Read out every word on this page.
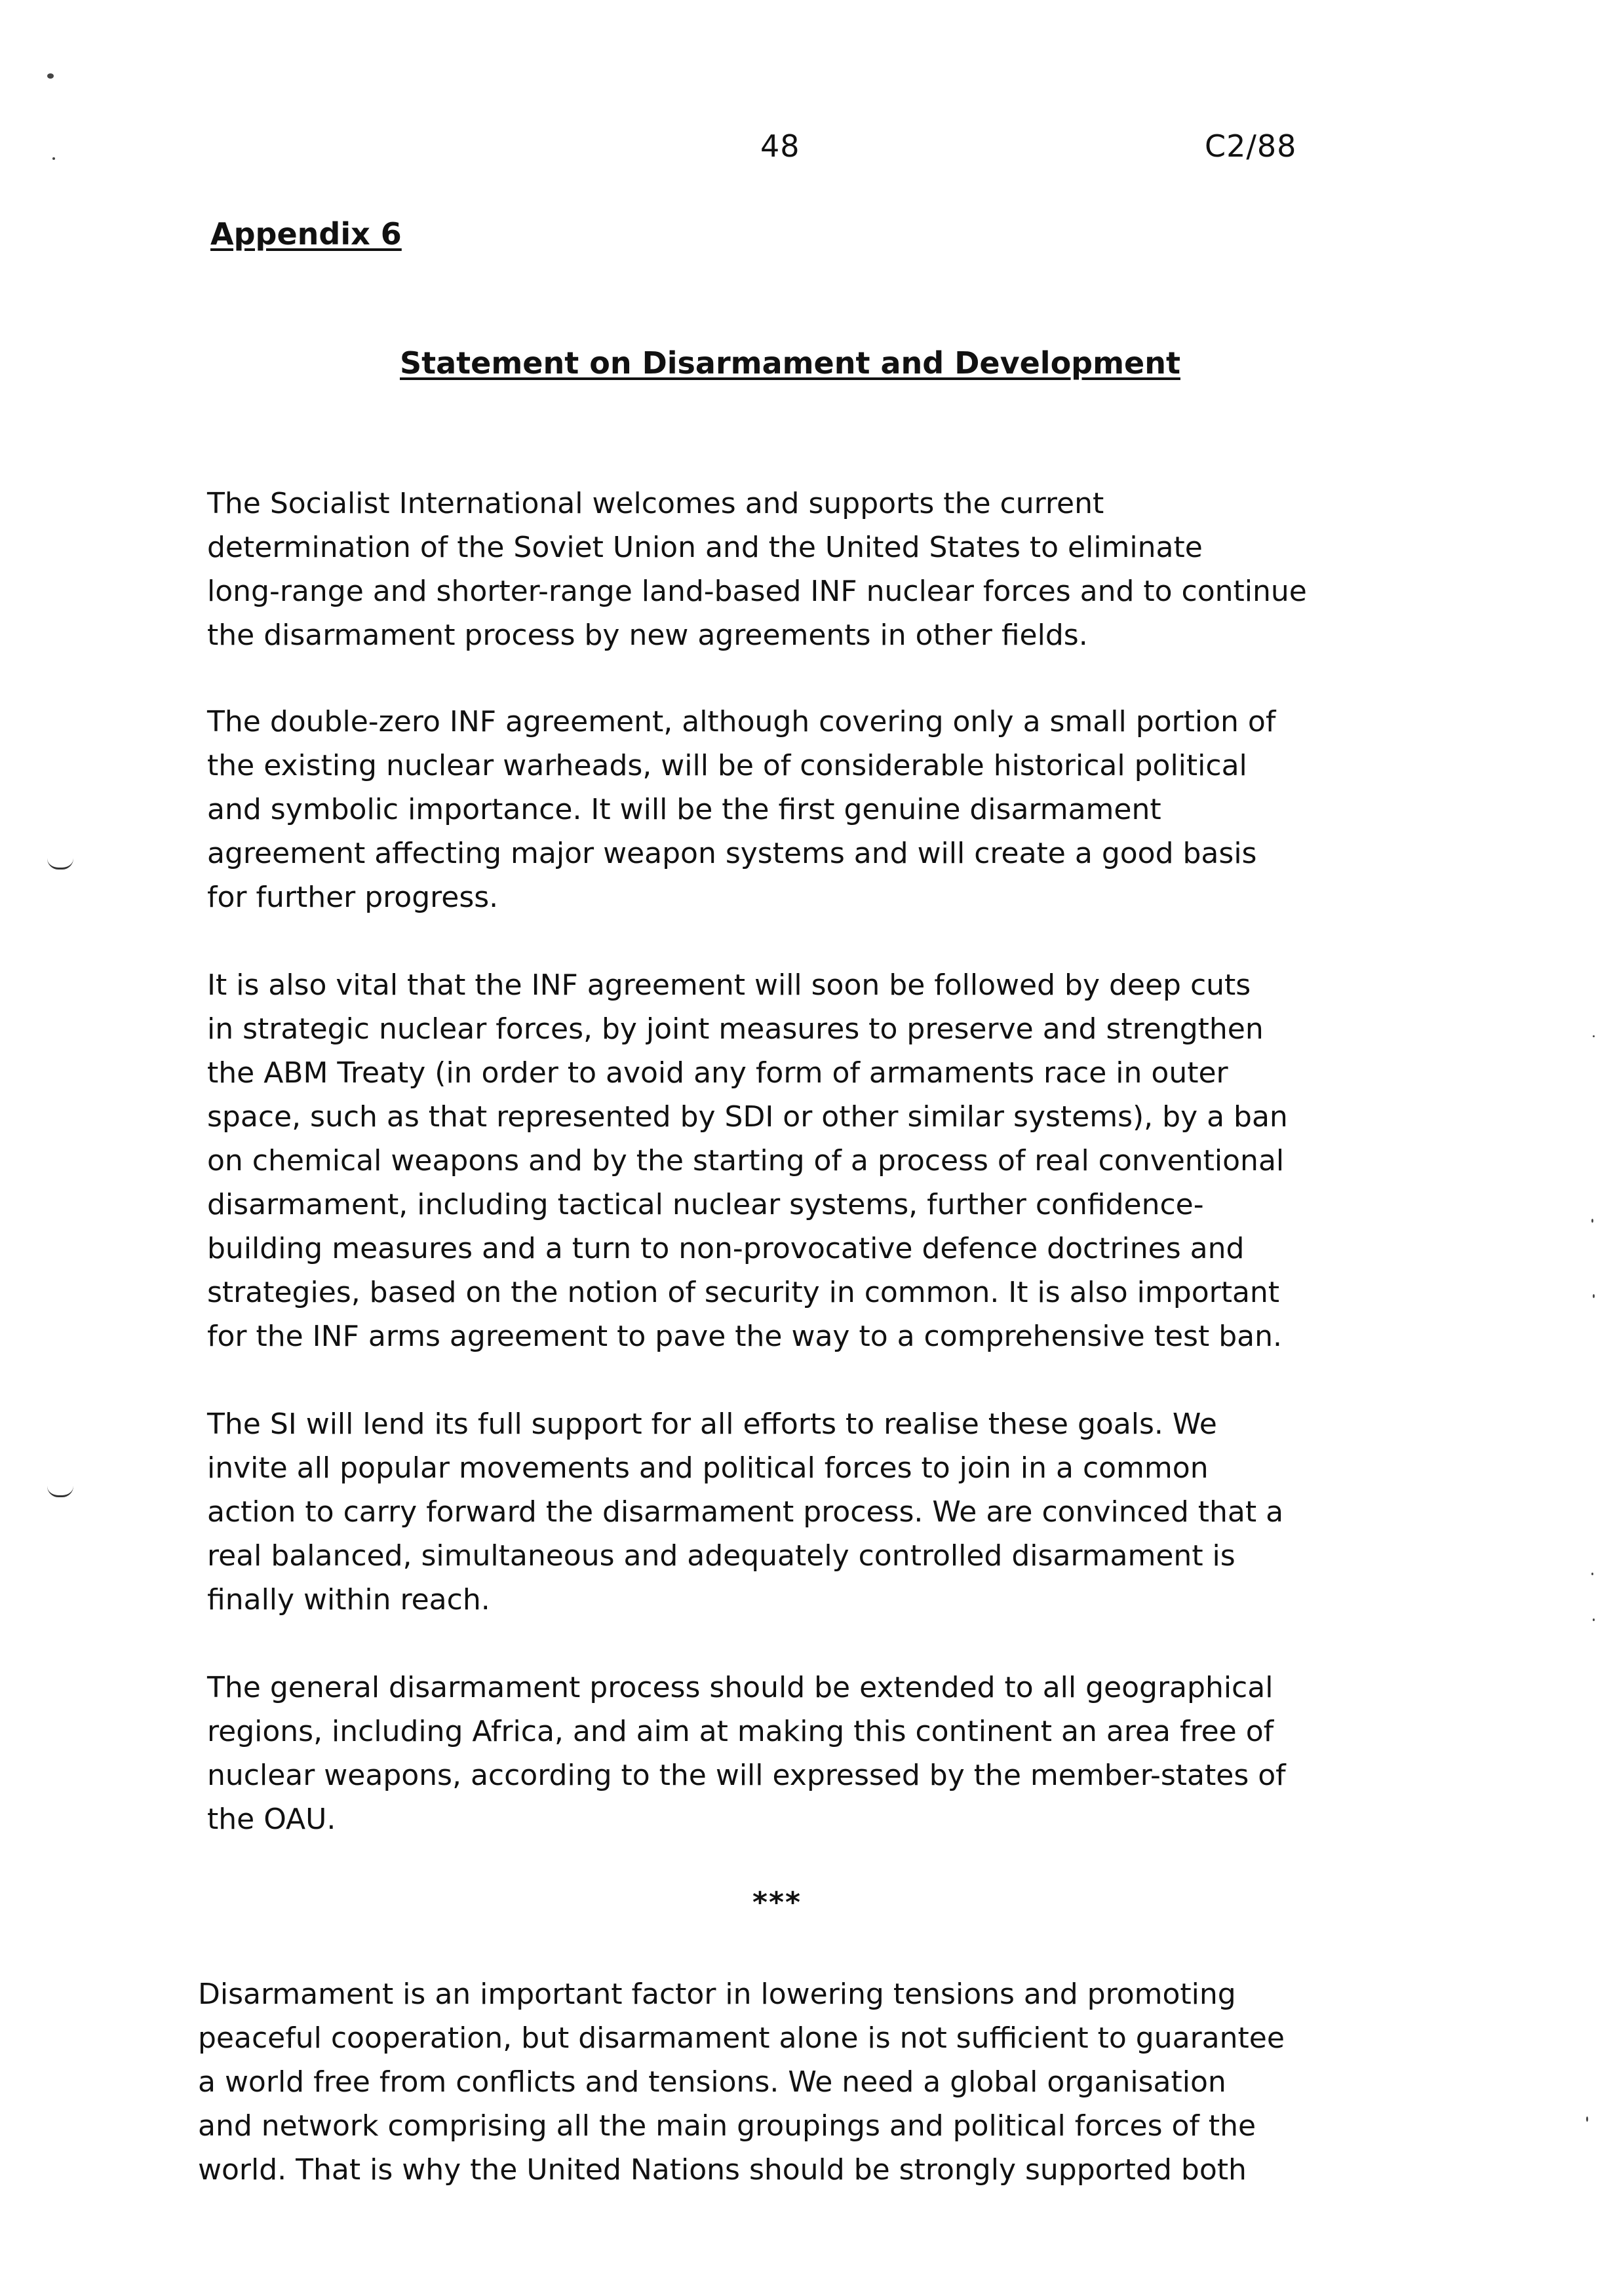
48	C2/88
Appendix 6
Statement on Disarmament and Development

The Socialist International welcomes and supports the current
determination of the Soviet Union and the United States to eliminate
long-range and shorter-range land-based INF nuclear forces and to continue
the disarmament process by new agreements in other fields.

The double-zero INF agreement, although covering only a small portion of
the existing nuclear warheads, will be of considerable historical political
and symbolic importance. It will be the first genuine disarmament
agreement affecting major weapon systems and will create a good basis
for further progress.

It is also vital that the INF agreement will soon be followed by deep cuts
in strategic nuclear forces, by joint measures to preserve and strengthen
the ABM Treaty (in order to avoid any form of armaments race in outer
space, such as that represented by SDI or other similar systems), by a ban
on chemical weapons and by the starting of a process of real conventional
disarmament, including tactical nuclear systems, further confidence-
building measures and a turn to non-provocative defence doctrines and
strategies, based on the notion of security in common. It is also important
for the INF arms agreement to pave the way to a comprehensive test ban.

The SI will lend its full support for all efforts to realise these goals. We
invite all popular movements and political forces to join in a common
action to carry forward the disarmament process. We are convinced that a
real balanced, simultaneous and adequately controlled disarmament is
finally within reach.

The general disarmament process should be extended to all geographical
regions, including Africa, and aim at making this continent an area free of
nuclear weapons, according to the will expressed by the member-states of
the OAU.

***

Disarmament is an important factor in lowering tensions and promoting
peaceful cooperation, but disarmament alone is not sufficient to guarantee
a world free from conflicts and tensions. We need a global organisation
and network comprising all the main groupings and political forces of the
world. That is why the United Nations should be strongly supported both
